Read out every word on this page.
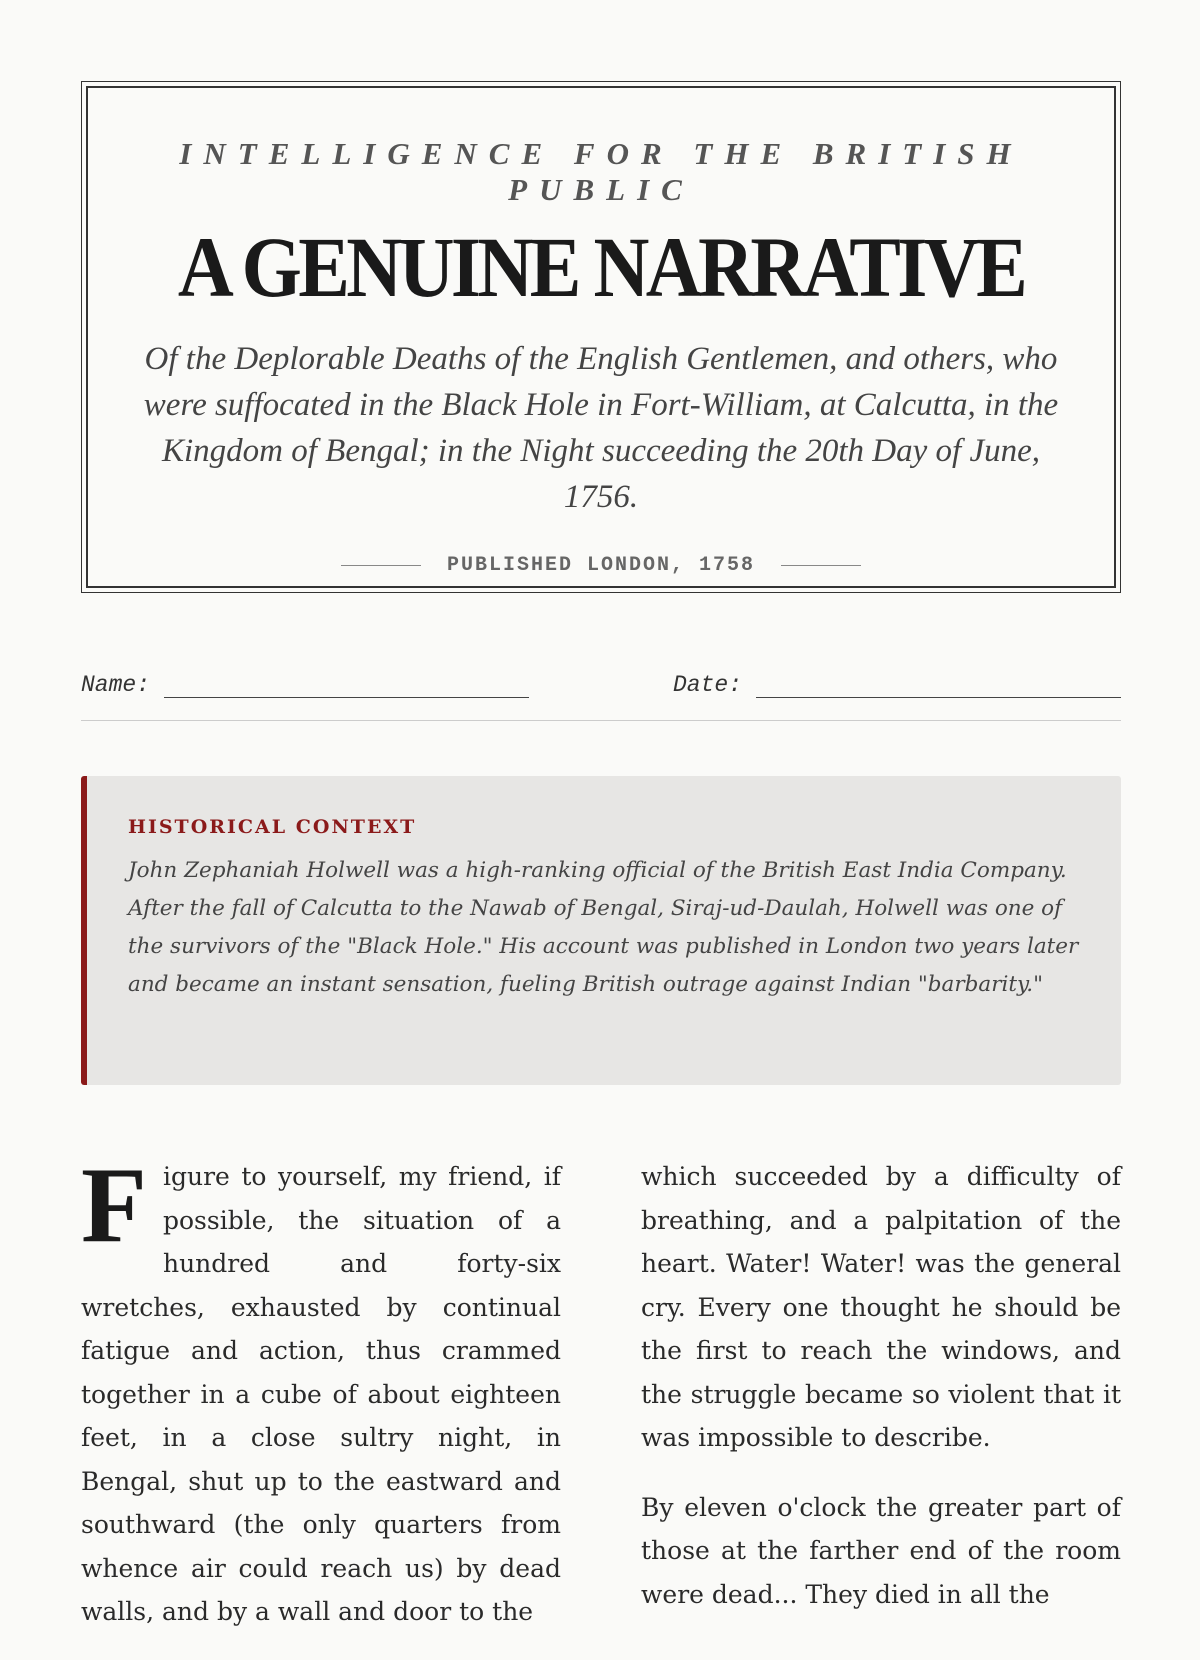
INTELLIGENCE FOR THE BRITISH PUBLIC
A GENUINE NARRATIVE
Of the Deplorable Deaths of the English Gentlemen, and others, who were suffocated in the Black Hole in Fort-William, at Calcutta, in the Kingdom of Bengal; in the Night succeeding the 20th Day of June, 1756.
PUBLISHED LONDON, 1758
Name:	Date:
HISTORICAL CONTEXT

John Zephaniah Holwell was a high-ranking official of the British East India Company. After the fall of Calcutta to the Nawab of Bengal, Siraj-ud-Daulah, Holwell was one of the survivors of the "Black Hole." His account was published in London two years later and became an instant sensation, fueling British outrage against Indian "barbarity."

Figure to yourself, my friend, if possible, the situation of a hundred and forty-six wretches, exhausted by continual fatigue and action, thus crammed together in a cube of about eighteen feet, in a close sultry night, in Bengal, shut up to the eastward and southward (the only quarters from whence air could reach us) by dead walls, and by a wall and door to the

which succeeded by a difficulty of breathing, and a palpitation of the heart. Water! Water! was the general cry. Every one thought he should be the first to reach the windows, and the struggle became so violent that it was impossible to describe.

By eleven o'clock the greater part of those at the farther end of the room were dead... They died in all the
